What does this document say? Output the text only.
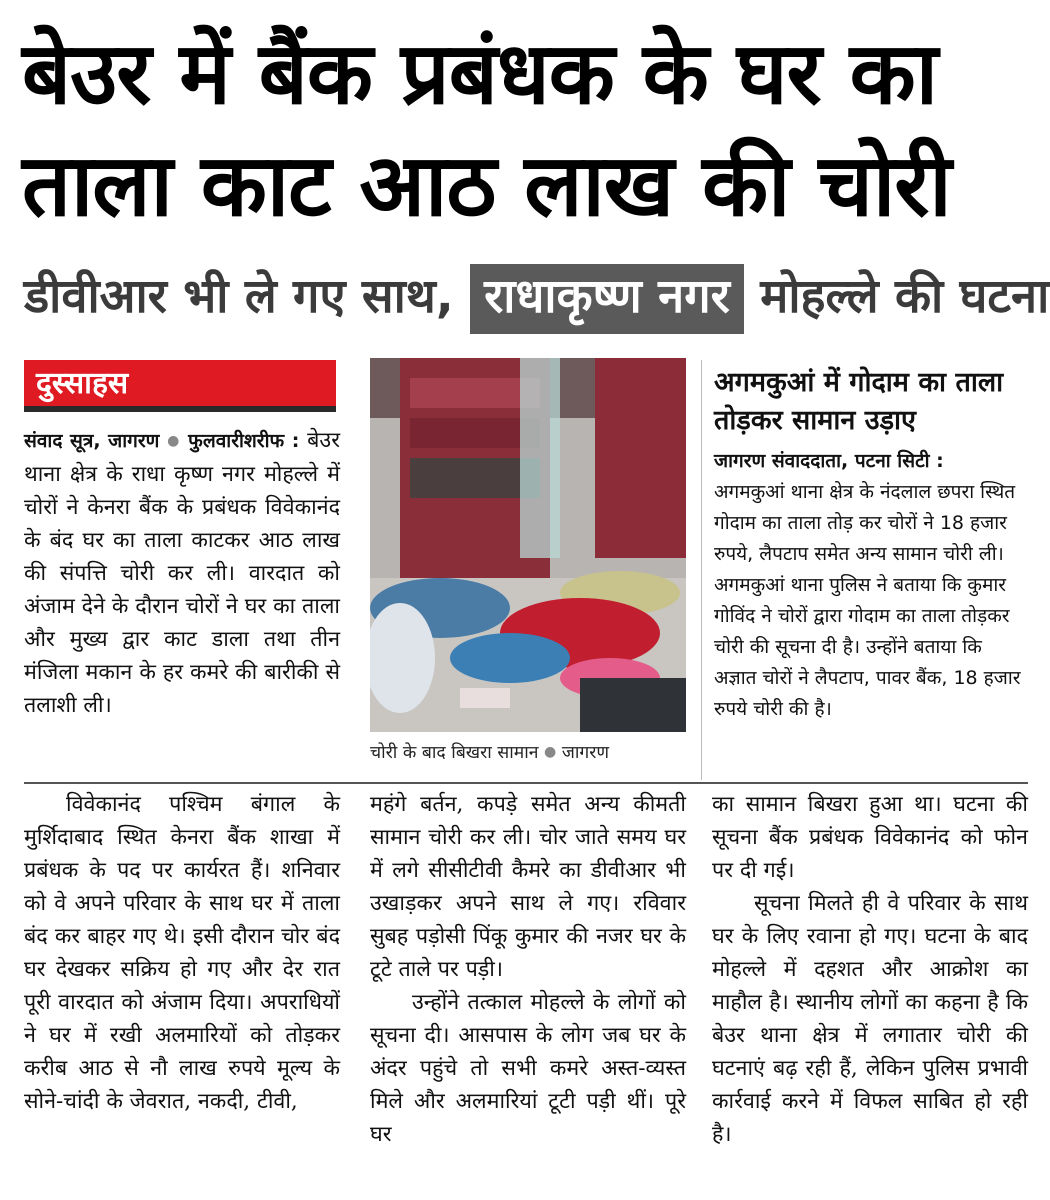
बेउर में बैंक प्रबंधक के घर का
ताला काट आठ लाख की चोरी
डीवीआर भी ले गए साथ, राधाकृष्ण नगर मोहल्ले की घटना
दुस्साहस

संवाद सूत्र, जागरण ● फुलवारीशरीफ : बेउर थाना क्षेत्र के राधा कृष्ण नगर मोहल्ले में चोरों ने केनरा बैंक के प्रबंधक विवेकानंद के बंद घर का ताला काटकर आठ लाख की संपत्ति चोरी कर ली। वारदात को अंजाम देने के दौरान चोरों ने घर का ताला और मुख्य द्वार काट डाला तथा तीन मंजिला मकान के हर कमरे की बारीकी से तलाशी ली।

चोरी के बाद बिखरा सामान ● जागरण
अगमकुआं में गोदाम का ताला तोड़कर सामान उड़ाए

जागरण संवाददाता, पटना सिटी :

अगमकुआं थाना क्षेत्र के नंदलाल छपरा स्थित गोदाम का ताला तोड़ कर चोरों ने 18 हजार रुपये, लैपटाप समेत अन्य सामान चोरी ली। अगमकुआं थाना पुलिस ने बताया कि कुमार गोविंद ने चोरों द्वारा गोदाम का ताला तोड़कर चोरी की सूचना दी है। उन्होंने बताया कि अज्ञात चोरों ने लैपटाप, पावर बैंक, 18 हजार रुपये चोरी की है।

विवेकानंद पश्चिम बंगाल के मुर्शिदाबाद स्थित केनरा बैंक शाखा में प्रबंधक के पद पर कार्यरत हैं। शनिवार को वे अपने परिवार के साथ घर में ताला बंद कर बाहर गए थे। इसी दौरान चोर बंद घर देखकर सक्रिय हो गए और देर रात पूरी वारदात को अंजाम दिया। अपराधियों ने घर में रखी अलमारियों को तोड़कर करीब आठ से नौ लाख रुपये मूल्य के सोने-चांदी के जेवरात, नकदी, टीवी,

महंगे बर्तन, कपड़े समेत अन्य कीमती सामान चोरी कर ली। चोर जाते समय घर में लगे सीसीटीवी कैमरे का डीवीआर भी उखाड़कर अपने साथ ले गए। रविवार सुबह पड़ोसी पिंकू कुमार की नजर घर के टूटे ताले पर पड़ी।

उन्होंने तत्काल मोहल्ले के लोगों को सूचना दी। आसपास के लोग जब घर के अंदर पहुंचे तो सभी कमरे अस्त-व्यस्त मिले और अलमारियां टूटी पड़ी थीं। पूरे घर

का सामान बिखरा हुआ था। घटना की सूचना बैंक प्रबंधक विवेकानंद को फोन पर दी गई।

सूचना मिलते ही वे परिवार के साथ घर के लिए रवाना हो गए। घटना के बाद मोहल्ले में दहशत और आक्रोश का माहौल है। स्थानीय लोगों का कहना है कि बेउर थाना क्षेत्र में लगातार चोरी की घटनाएं बढ़ रही हैं, लेकिन पुलिस प्रभावी कार्रवाई करने में विफल साबित हो रही है।
